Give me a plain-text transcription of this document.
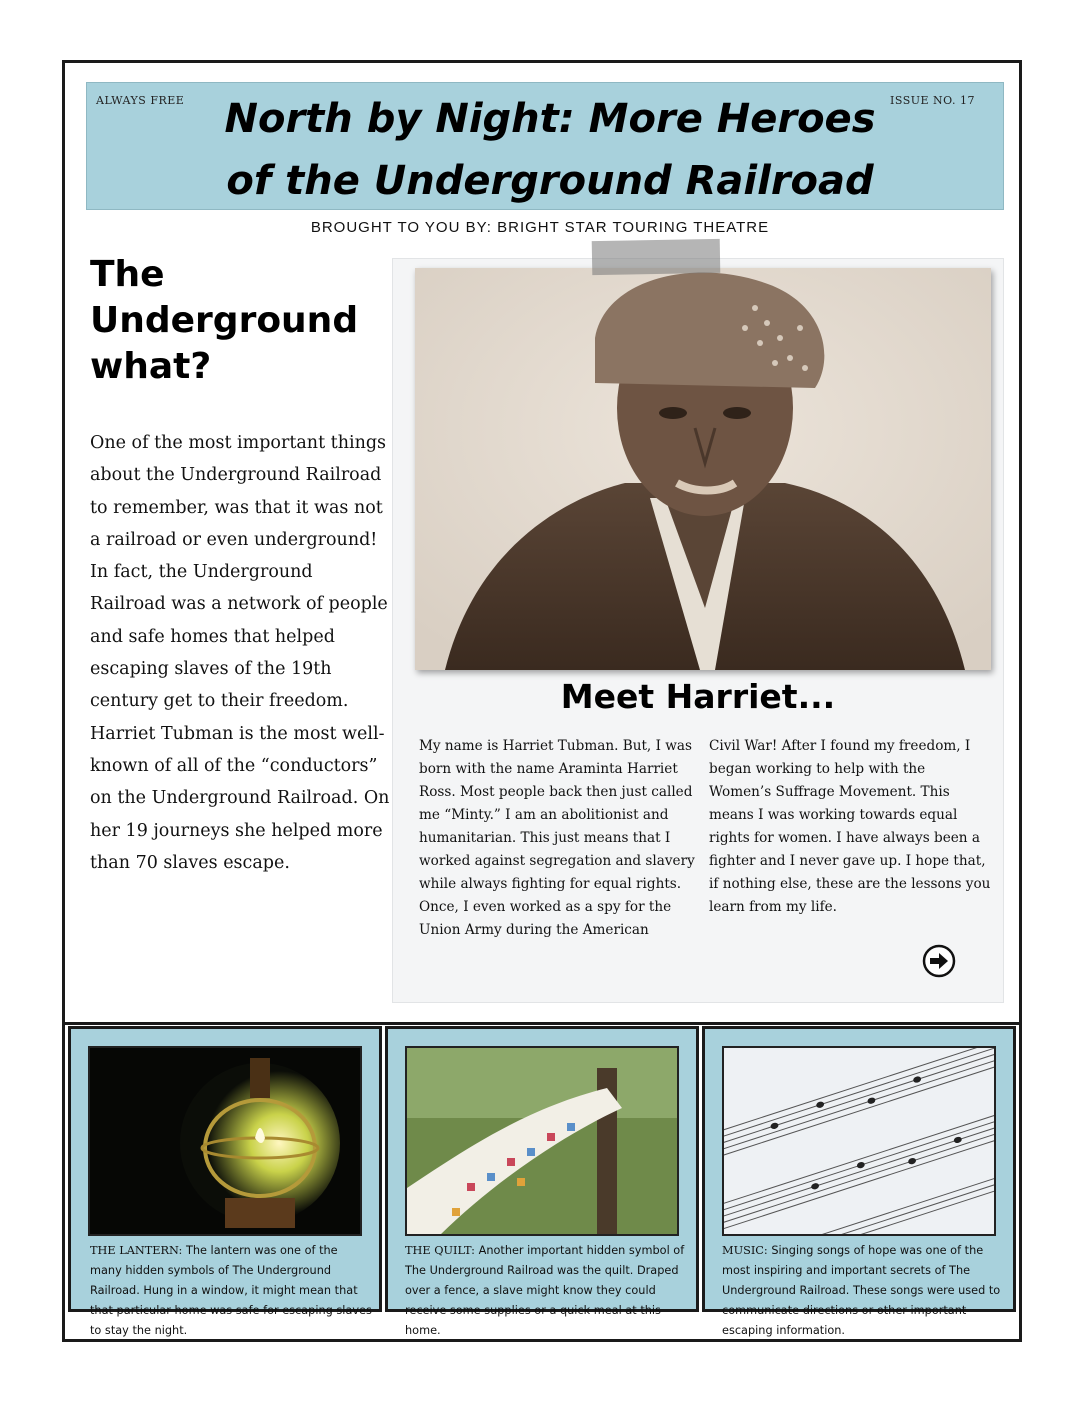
ALWAYS FREE	ISSUE NO. 17
North by Night: More Heroes
of the Underground Railroad
BROUGHT TO YOU BY: BRIGHT STAR TOURING THEATRE
The
Underground
what?
One of the most important things about the Underground Railroad to remember, was that it was not a railroad or even underground! In fact, the Underground Railroad was a network of people and safe homes that helped escaping slaves of the 19th century get to their freedom. Harriet Tubman is the most well-known of all of the “conductors” on the Underground Railroad. On her 19 journeys she helped more than 70 slaves escape.
Meet Harriet...
My name is Harriet Tubman. But, I was born with the name Araminta Harriet Ross. Most people back then just called me “Minty.” I am an abolitionist and humanitarian. This just means that I worked against segregation and slavery while always fighting for equal rights. Once, I even worked as a spy for the Union Army during the American
Civil War! After I found my freedom, I began working to help with the Women’s Suffrage Movement. This means I was working towards equal rights for women. I have always been a fighter and I never gave up. I hope that, if nothing else, these are the lessons you learn from my life.
THE LANTERN: The lantern was one of the many hidden symbols of The Underground Railroad. Hung in a window, it might mean that that particular home was safe for escaping slaves to stay the night.
THE QUILT: Another important hidden symbol of The Underground Railroad was the quilt. Draped over a fence, a slave might know they could receive some supplies or a quick meal at this home.
MUSIC: Singing songs of hope was one of the most inspiring and important secrets of The Underground Railroad. These songs were used to communicate directions or other important escaping information.
